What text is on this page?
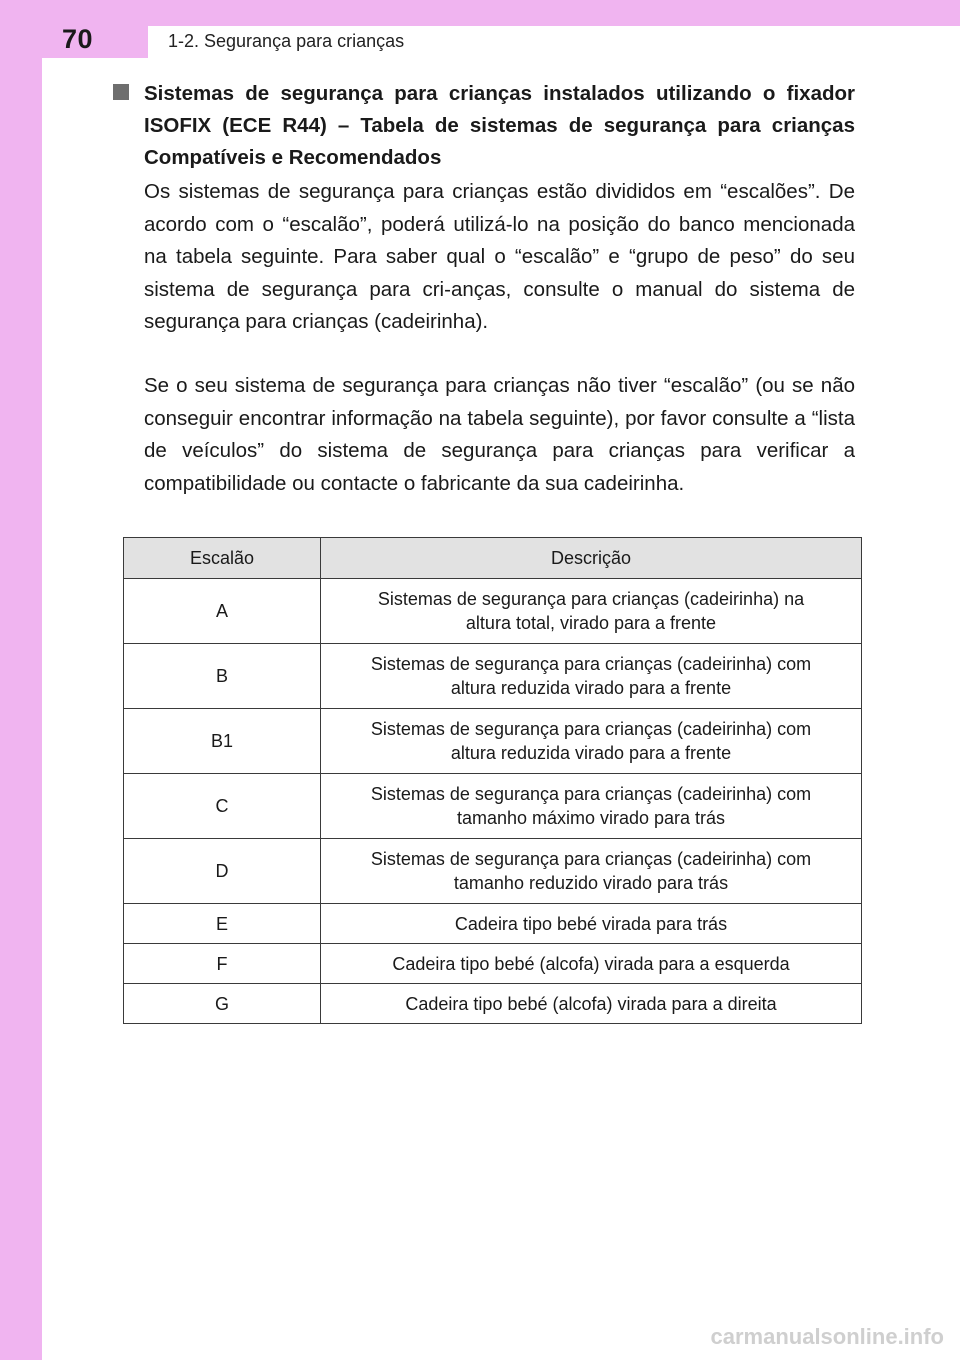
70	1-2. Segurança para crianças
Sistemas de segurança para crianças instalados utilizando o fixador ISOFIX (ECE R44) – Tabela de sistemas de segurança para crianças Compatíveis e Recomendados
Os sistemas de segurança para crianças estão divididos em “escalões”. De acordo com o “escalão”, poderá utilizá-lo na posição do banco mencionada na tabela seguinte. Para saber qual o “escalão” e “grupo de peso” do seu sistema de segurança para cri-anças, consulte o manual do sistema de segurança para crianças (cadeirinha).
Se o seu sistema de segurança para crianças não tiver “escalão” (ou se não conseguir encontrar informação na tabela seguinte), por favor consulte a “lista de veículos” do sistema de segurança para crianças para verificar a compatibilidade ou contacte o fabricante da sua cadeirinha.
Escalão	Descrição
A	Sistemas de segurança para crianças (cadeirinha) na
altura total, virado para a frente
B	Sistemas de segurança para crianças (cadeirinha) com
altura reduzida virado para a frente
B1	Sistemas de segurança para crianças (cadeirinha) com
altura reduzida virado para a frente
C	Sistemas de segurança para crianças (cadeirinha) com
tamanho máximo virado para trás
D	Sistemas de segurança para crianças (cadeirinha) com
tamanho reduzido virado para trás
E	Cadeira tipo bebé virada para trás
F	Cadeira tipo bebé (alcofa) virada para a esquerda
G	Cadeira tipo bebé (alcofa) virada para a direita
carmanualsonline.info
